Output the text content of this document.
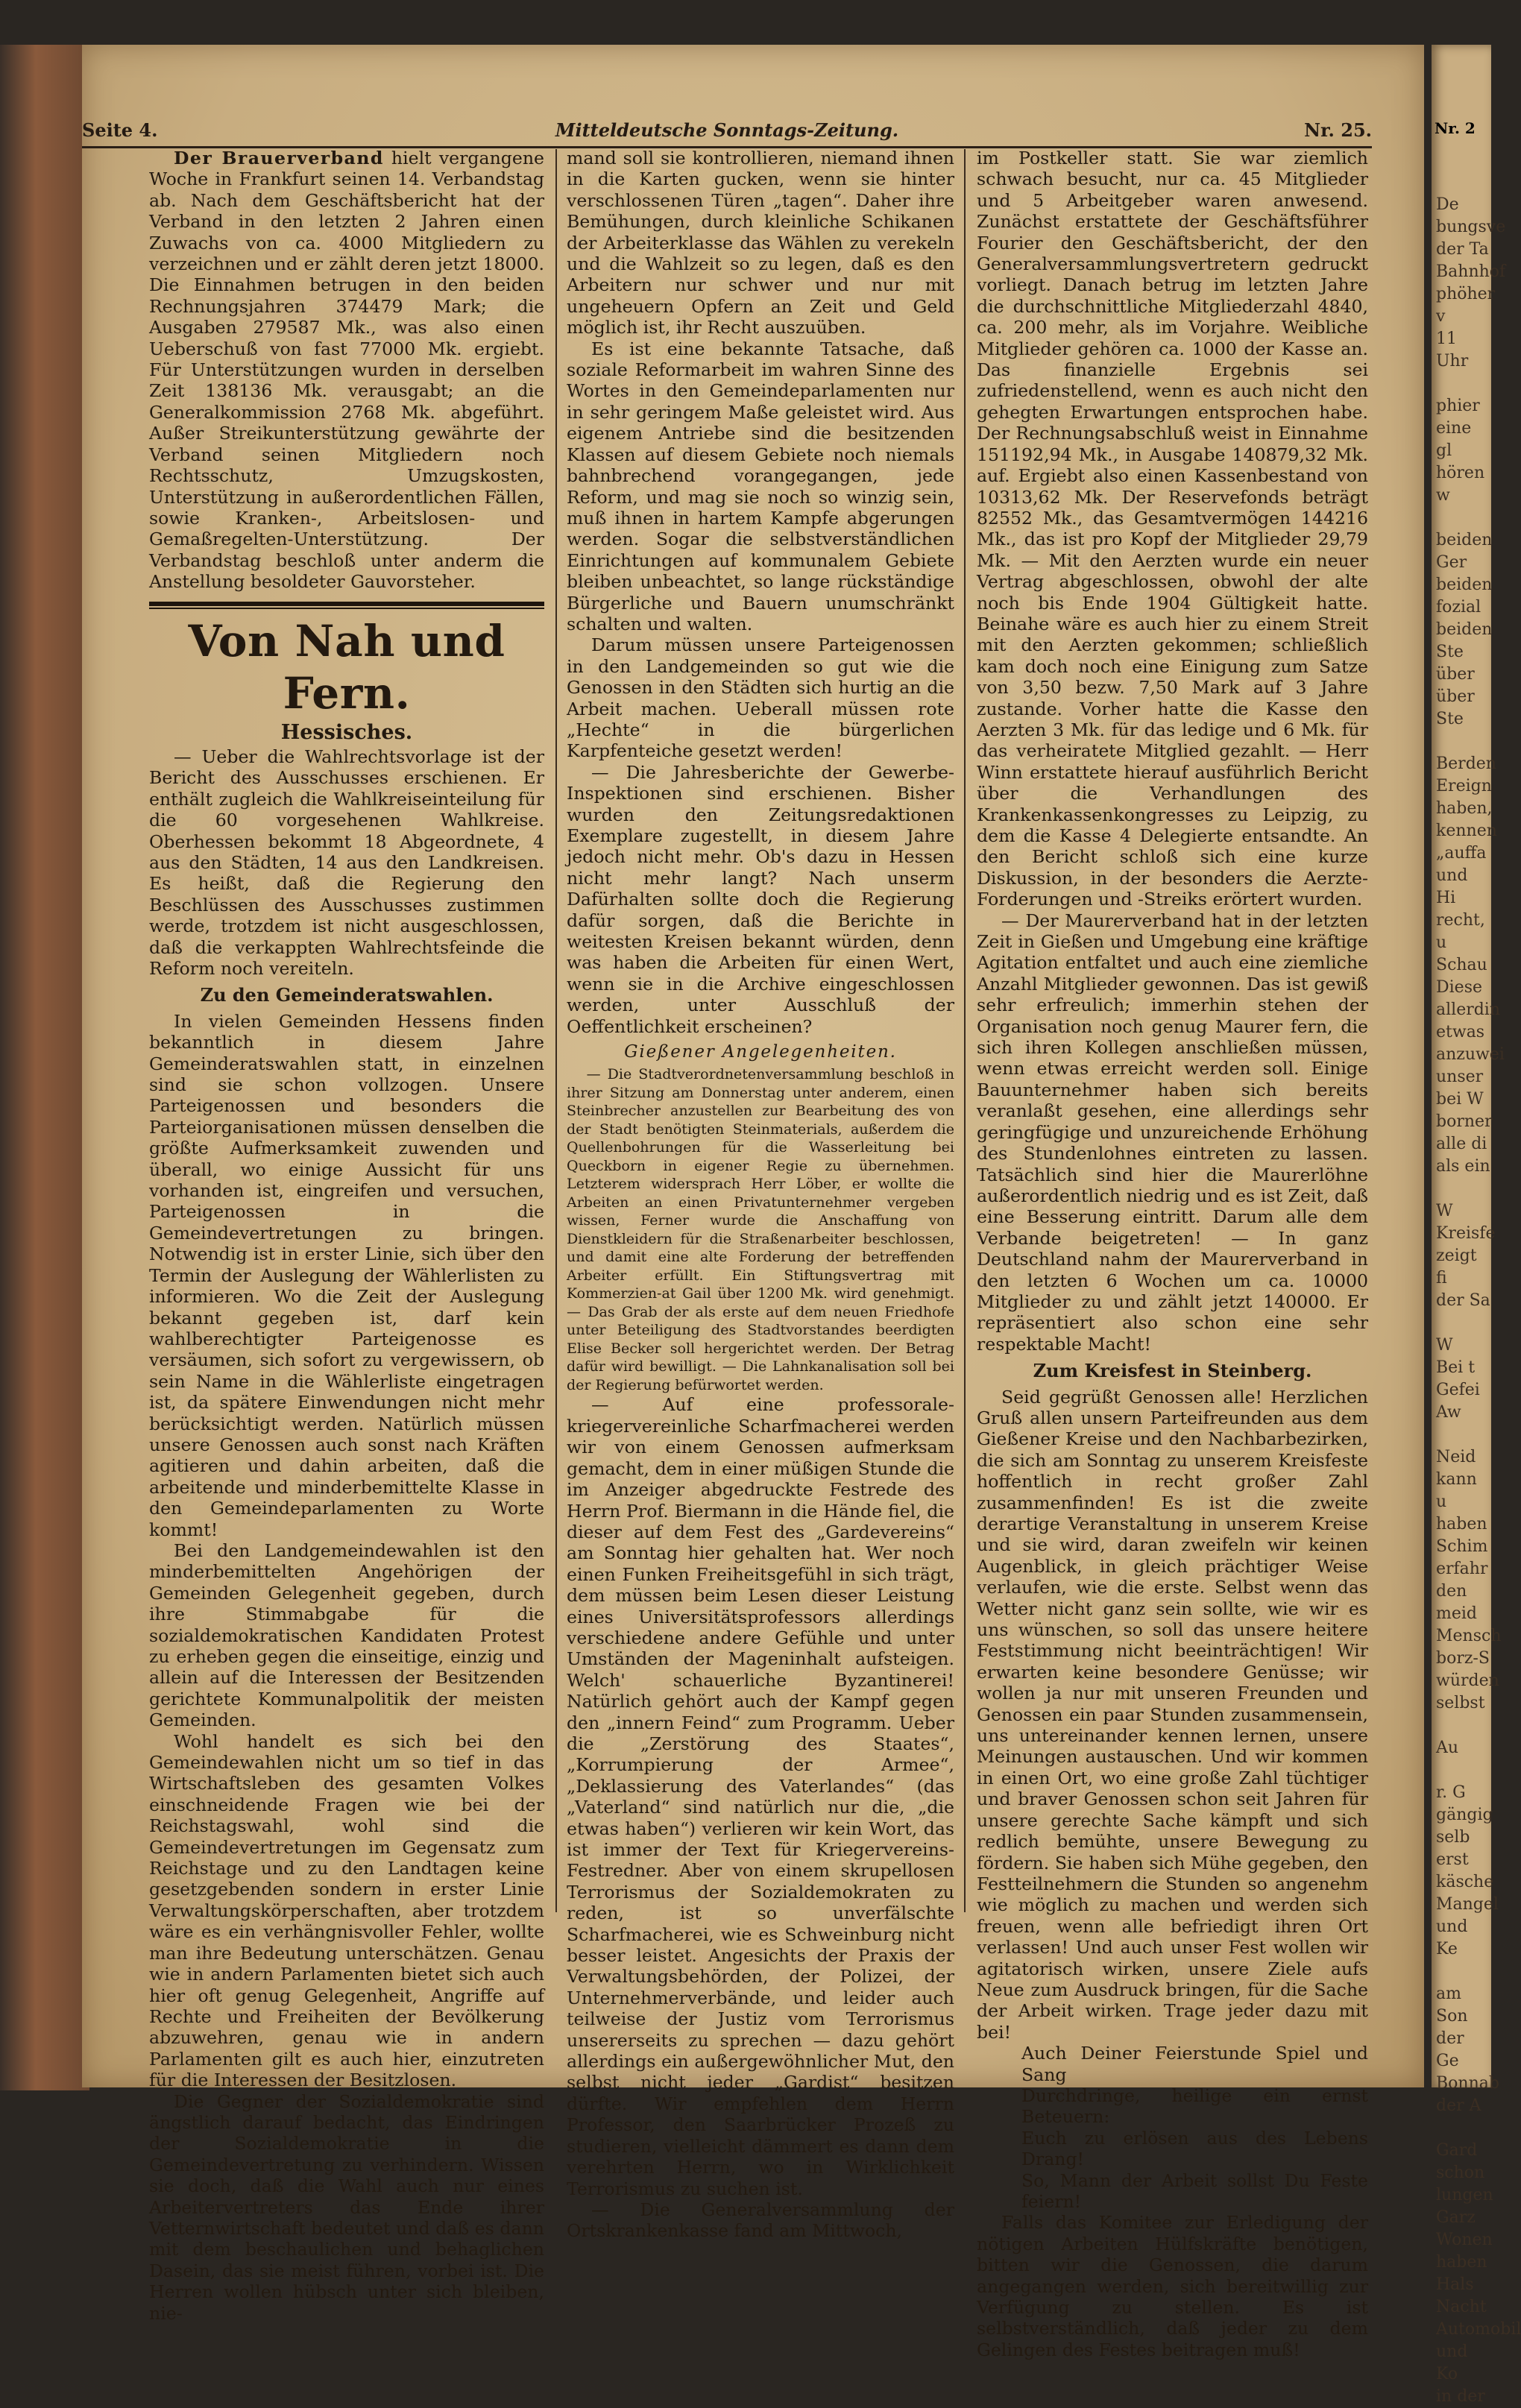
Nr. 2
De
bungsve
der Ta
Bahnhof
phöher v
11 Uhr

phier
eine gl
hören w

beiden
Ger
beiden
fozial
beiden
Ste
über
über
Ste

Berden
Ereign
haben,
kennen
„auffa
und Hi
recht, u
Schau
Diese
allerdin
etwas
anzuwei
unser
bei W
borner
alle di
als ein

W
Kreisfe
zeigt fi
der Sa

W
Bei t
Gefei
Aw

Neid
kann u
haben
Schim
erfahr
den
meid
Mensch
borz-S
würden
selbst

Au

r. G
gängig
selb erst
käsche
Mangel
und Ke

am Son
der Ge
Bonnab
der A

Gard
schon
lungen
Garz
Wonen
haben
Hals
Nacht
Automobil
und Ko
in der
Seite 4.	Mitteldeutsche Sonntags-Zeitung.	Nr. 25.

Der Brauerverband hielt vergangene Woche in Frankfurt seinen 14. Verbandstag ab. Nach dem Geschäftsbericht hat der Verband in den letzten 2 Jahren einen Zuwachs von ca. 4000 Mitgliedern zu verzeichnen und er zählt deren jetzt 18000. Die Einnahmen betrugen in den beiden Rechnungsjahren 374479 Mark; die Ausgaben 279587 Mk., was also einen Ueberschuß von fast 77000 Mk. ergiebt. Für Unterstützungen wurden in derselben Zeit 138136 Mk. verausgabt; an die Generalkommission 2768 Mk. abgeführt. Außer Streikunterstützung gewährte der Verband seinen Mitgliedern noch Rechtsschutz, Umzugskosten, Unterstützung in außerordentlichen Fällen, sowie Kranken-, Arbeitslosen- und Gemaßregelten-Unterstützung. Der Verbandstag beschloß unter anderm die Anstellung besoldeter Gauvorsteher.

Von Nah und Fern.
Hessisches.

— Ueber die Wahlrechtsvorlage ist der Bericht des Ausschusses erschienen. Er enthält zugleich die Wahlkreiseinteilung für die 60 vorgesehenen Wahlkreise. Oberhessen bekommt 18 Abgeordnete, 4 aus den Städten, 14 aus den Landkreisen. Es heißt, daß die Regierung den Beschlüssen des Ausschusses zustimmen werde, trotzdem ist nicht ausgeschlossen, daß die verkappten Wahlrechtsfeinde die Reform noch vereiteln.

Zu den Gemeinderatswahlen.

In vielen Gemeinden Hessens finden bekanntlich in diesem Jahre Gemeinderatswahlen statt, in einzelnen sind sie schon vollzogen. Unsere Parteigenossen und besonders die Parteiorganisationen müssen denselben die größte Aufmerksamkeit zuwenden und überall, wo einige Aussicht für uns vorhanden ist, eingreifen und versuchen, Parteigenossen in die Gemeindevertretungen zu bringen. Notwendig ist in erster Linie, sich über den Termin der Auslegung der Wählerlisten zu informieren. Wo die Zeit der Auslegung bekannt gegeben ist, darf kein wahlberechtigter Parteigenosse es versäumen, sich sofort zu vergewissern, ob sein Name in die Wählerliste eingetragen ist, da spätere Einwendungen nicht mehr berücksichtigt werden. Natürlich müssen unsere Genossen auch sonst nach Kräften agitieren und dahin arbeiten, daß die arbeitende und minderbemittelte Klasse in den Gemeindeparlamenten zu Worte kommt!

Bei den Landgemeindewahlen ist den minderbemittelten Angehörigen der Gemeinden Gelegenheit gegeben, durch ihre Stimmabgabe für die sozialdemokratischen Kandidaten Protest zu erheben gegen die einseitige, einzig und allein auf die Interessen der Besitzenden gerichtete Kommunalpolitik der meisten Gemeinden.

Wohl handelt es sich bei den Gemeindewahlen nicht um so tief in das Wirtschaftsleben des gesamten Volkes einschneidende Fragen wie bei der Reichstagswahl, wohl sind die Gemeindevertretungen im Gegensatz zum Reichstage und zu den Landtagen keine gesetzgebenden sondern in erster Linie Verwaltungskörperschaften, aber trotzdem wäre es ein verhängnisvoller Fehler, wollte man ihre Bedeutung unterschätzen. Genau wie in andern Parlamenten bietet sich auch hier oft genug Gelegenheit, Angriffe auf Rechte und Freiheiten der Bevölkerung abzuwehren, genau wie in andern Parlamenten gilt es auch hier, einzutreten für die Interessen der Besitzlosen.

Die Gegner der Sozialdemokratie sind ängstlich darauf bedacht, das Eindringen der Sozialdemokratie in die Gemeindevertretung zu verhindern. Wissen sie doch, daß die Wahl auch nur eines Arbeitervertreters das Ende ihrer Vetternwirtschaft bedeutet und daß es dann mit dem beschaulichen und behaglichen Dasein, das sie meist führen, vorbei ist. Die Herren wollen hübsch unter sich bleiben, nie-

mand soll sie kontrollieren, niemand ihnen in die Karten gucken, wenn sie hinter verschlossenen Türen „tagen“. Daher ihre Bemühungen, durch kleinliche Schikanen der Arbeiterklasse das Wählen zu verekeln und die Wahlzeit so zu legen, daß es den Arbeitern nur schwer und nur mit ungeheuern Opfern an Zeit und Geld möglich ist, ihr Recht auszuüben.

Es ist eine bekannte Tatsache, daß soziale Reformarbeit im wahren Sinne des Wortes in den Gemeindeparlamenten nur in sehr geringem Maße geleistet wird. Aus eigenem Antriebe sind die besitzenden Klassen auf diesem Gebiete noch niemals bahnbrechend vorangegangen, jede Reform, und mag sie noch so winzig sein, muß ihnen in hartem Kampfe abgerungen werden. Sogar die selbstverständlichen Einrichtungen auf kommunalem Gebiete bleiben unbeachtet, so lange rückständige Bürgerliche und Bauern unumschränkt schalten und walten.

Darum müssen unsere Parteigenossen in den Landgemeinden so gut wie die Genossen in den Städten sich hurtig an die Arbeit machen. Ueberall müssen rote „Hechte“ in die bürgerlichen Karpfenteiche gesetzt werden!

— Die Jahresberichte der Gewerbe-Inspektionen sind erschienen. Bisher wurden den Zeitungsredaktionen Exemplare zugestellt, in diesem Jahre jedoch nicht mehr. Ob's dazu in Hessen nicht mehr langt? Nach unserm Dafürhalten sollte doch die Regierung dafür sorgen, daß die Berichte in weitesten Kreisen bekannt würden, denn was haben die Arbeiten für einen Wert, wenn sie in die Archive eingeschlossen werden, unter Ausschluß der Oeffentlichkeit erscheinen?

Gießener Angelegenheiten.

— Die Stadtverordnetenversammlung beschloß in ihrer Sitzung am Donnerstag unter anderem, einen Steinbrecher anzustellen zur Bearbeitung des von der Stadt benötigten Steinmaterials, außerdem die Quellenbohrungen für die Wasserleitung bei Queckborn in eigener Regie zu übernehmen. Letzterem widersprach Herr Löber, er wollte die Arbeiten an einen Privatunternehmer vergeben wissen, Ferner wurde die Anschaffung von Dienstkleidern für die Straßenarbeiter beschlossen, und damit eine alte Forderung der betreffenden Arbeiter erfüllt. Ein Stiftungsvertrag mit Kommerzien-at Gail über 1200 Mk. wird genehmigt. — Das Grab der als erste auf dem neuen Friedhofe unter Beteiligung des Stadtvorstandes beerdigten Elise Becker soll hergerichtet werden. Der Betrag dafür wird bewilligt. — Die Lahnkanalisation soll bei der Regierung befürwortet werden.

— Auf eine professorale-kriegervereinliche Scharfmacherei werden wir von einem Genossen aufmerksam gemacht, dem in einer müßigen Stunde die im Anzeiger abgedruckte Festrede des Herrn Prof. Biermann in die Hände fiel, die dieser auf dem Fest des „Gardevereins“ am Sonntag hier gehalten hat. Wer noch einen Funken Freiheitsgefühl in sich trägt, dem müssen beim Lesen dieser Leistung eines Universitätsprofessors allerdings verschiedene andere Gefühle und unter Umständen der Mageninhalt aufsteigen. Welch' schauerliche Byzantinerei! Natürlich gehört auch der Kampf gegen den „innern Feind“ zum Programm. Ueber die „Zerstörung des Staates“, „Korrumpierung der Armee“, „Deklassierung des Vaterlandes“ (das „Vaterland“ sind natürlich nur die, „die etwas haben“) verlieren wir kein Wort, das ist immer der Text für Kriegervereins-Festredner. Aber von einem skrupellosen Terrorismus der Sozialdemokraten zu reden, ist so unverfälschte Scharfmacherei, wie es Schweinburg nicht besser leistet. Angesichts der Praxis der Verwaltungsbehörden, der Polizei, der Unternehmerverbände, und leider auch teilweise der Justiz vom Terrorismus unsererseits zu sprechen — dazu gehört allerdings ein außergewöhnlicher Mut, den selbst nicht jeder „Gardist“ besitzen dürfte. Wir empfehlen dem Herrn Professor, den Saarbrücker Prozeß zu studieren, vielleicht dämmert es dann dem verehrten Herrn, wo in Wirklichkeit Terrorismus zu suchen ist.

— Die Generalversammlung der Ortskrankenkasse fand am Mittwoch,

im Postkeller statt. Sie war ziemlich schwach besucht, nur ca. 45 Mitglieder und 5 Arbeitgeber waren anwesend. Zunächst erstattete der Geschäftsführer Fourier den Geschäftsbericht, der den Generalversammlungsvertretern gedruckt vorliegt. Danach betrug im letzten Jahre die durchschnittliche Mitgliederzahl 4840, ca. 200 mehr, als im Vorjahre. Weibliche Mitglieder gehören ca. 1000 der Kasse an. Das finanzielle Ergebnis sei zufriedenstellend, wenn es auch nicht den gehegten Erwartungen entsprochen habe. Der Rechnungsabschluß weist in Einnahme 151192,94 Mk., in Ausgabe 140879,32 Mk. auf. Ergiebt also einen Kassenbestand von 10313,62 Mk. Der Reservefonds beträgt 82552 Mk., das Gesamtvermögen 144216 Mk., das ist pro Kopf der Mitglieder 29,79 Mk. — Mit den Aerzten wurde ein neuer Vertrag abgeschlossen, obwohl der alte noch bis Ende 1904 Gültigkeit hatte. Beinahe wäre es auch hier zu einem Streit mit den Aerzten gekommen; schließlich kam doch noch eine Einigung zum Satze von 3,50 bezw. 7,50 Mark auf 3 Jahre zustande. Vorher hatte die Kasse den Aerzten 3 Mk. für das ledige und 6 Mk. für das verheiratete Mitglied gezahlt. — Herr Winn erstattete hierauf ausführlich Bericht über die Verhandlungen des Krankenkassenkongresses zu Leipzig, zu dem die Kasse 4 Delegierte entsandte. An den Bericht schloß sich eine kurze Diskussion, in der besonders die Aerzte-Forderungen und -Streiks erörtert wurden.

— Der Maurerverband hat in der letzten Zeit in Gießen und Umgebung eine kräftige Agitation entfaltet und auch eine ziemliche Anzahl Mitglieder gewonnen. Das ist gewiß sehr erfreulich; immerhin stehen der Organisation noch genug Maurer fern, die sich ihren Kollegen anschließen müssen, wenn etwas erreicht werden soll. Einige Bauunternehmer haben sich bereits veranlaßt gesehen, eine allerdings sehr geringfügige und unzureichende Erhöhung des Stundenlohnes eintreten zu lassen. Tatsächlich sind hier die Maurerlöhne außerordentlich niedrig und es ist Zeit, daß eine Besserung eintritt. Darum alle dem Verbande beigetreten! — In ganz Deutschland nahm der Maurerverband in den letzten 6 Wochen um ca. 10000 Mitglieder zu und zählt jetzt 140000. Er repräsentiert also schon eine sehr respektable Macht!

Zum Kreisfest in Steinberg.

Seid gegrüßt Genossen alle! Herzlichen Gruß allen unsern Parteifreunden aus dem Gießener Kreise und den Nachbarbezirken, die sich am Sonntag zu unserem Kreisfeste hoffentlich in recht großer Zahl zusammenfinden! Es ist die zweite derartige Veranstaltung in unserem Kreise und sie wird, daran zweifeln wir keinen Augenblick, in gleich prächtiger Weise verlaufen, wie die erste. Selbst wenn das Wetter nicht ganz sein sollte, wie wir es uns wünschen, so soll das unsere heitere Feststimmung nicht beeinträchtigen! Wir erwarten keine besondere Genüsse; wir wollen ja nur mit unseren Freunden und Genossen ein paar Stunden zusammensein, uns untereinander kennen lernen, unsere Meinungen austauschen. Und wir kommen in einen Ort, wo eine große Zahl tüchtiger und braver Genossen schon seit Jahren für unsere gerechte Sache kämpft und sich redlich bemühte, unsere Bewegung zu fördern. Sie haben sich Mühe gegeben, den Festteilnehmern die Stunden so angenehm wie möglich zu machen und werden sich freuen, wenn alle befriedigt ihren Ort verlassen! Und auch unser Fest wollen wir agitatorisch wirken, unsere Ziele aufs Neue zum Ausdruck bringen, für die Sache der Arbeit wirken. Trage jeder dazu mit bei!

Auch Deiner Feierstunde Spiel und Sang

Durchdringe, heilige ein ernst Beteuern:

Euch zu erlösen aus des Lebens Drang!

So, Mann der Arbeit sollst Du Feste feiern!

Falls das Komitee zur Erledigung der nötigen Arbeiten Hülfskräfte benötigen, bitten wir die Genossen, die darum angegangen werden, sich bereitwillig zur Verfügung zu stellen. Es ist selbstverständlich, daß jeder zu dem Gelingen des Festes beitragen muß!
